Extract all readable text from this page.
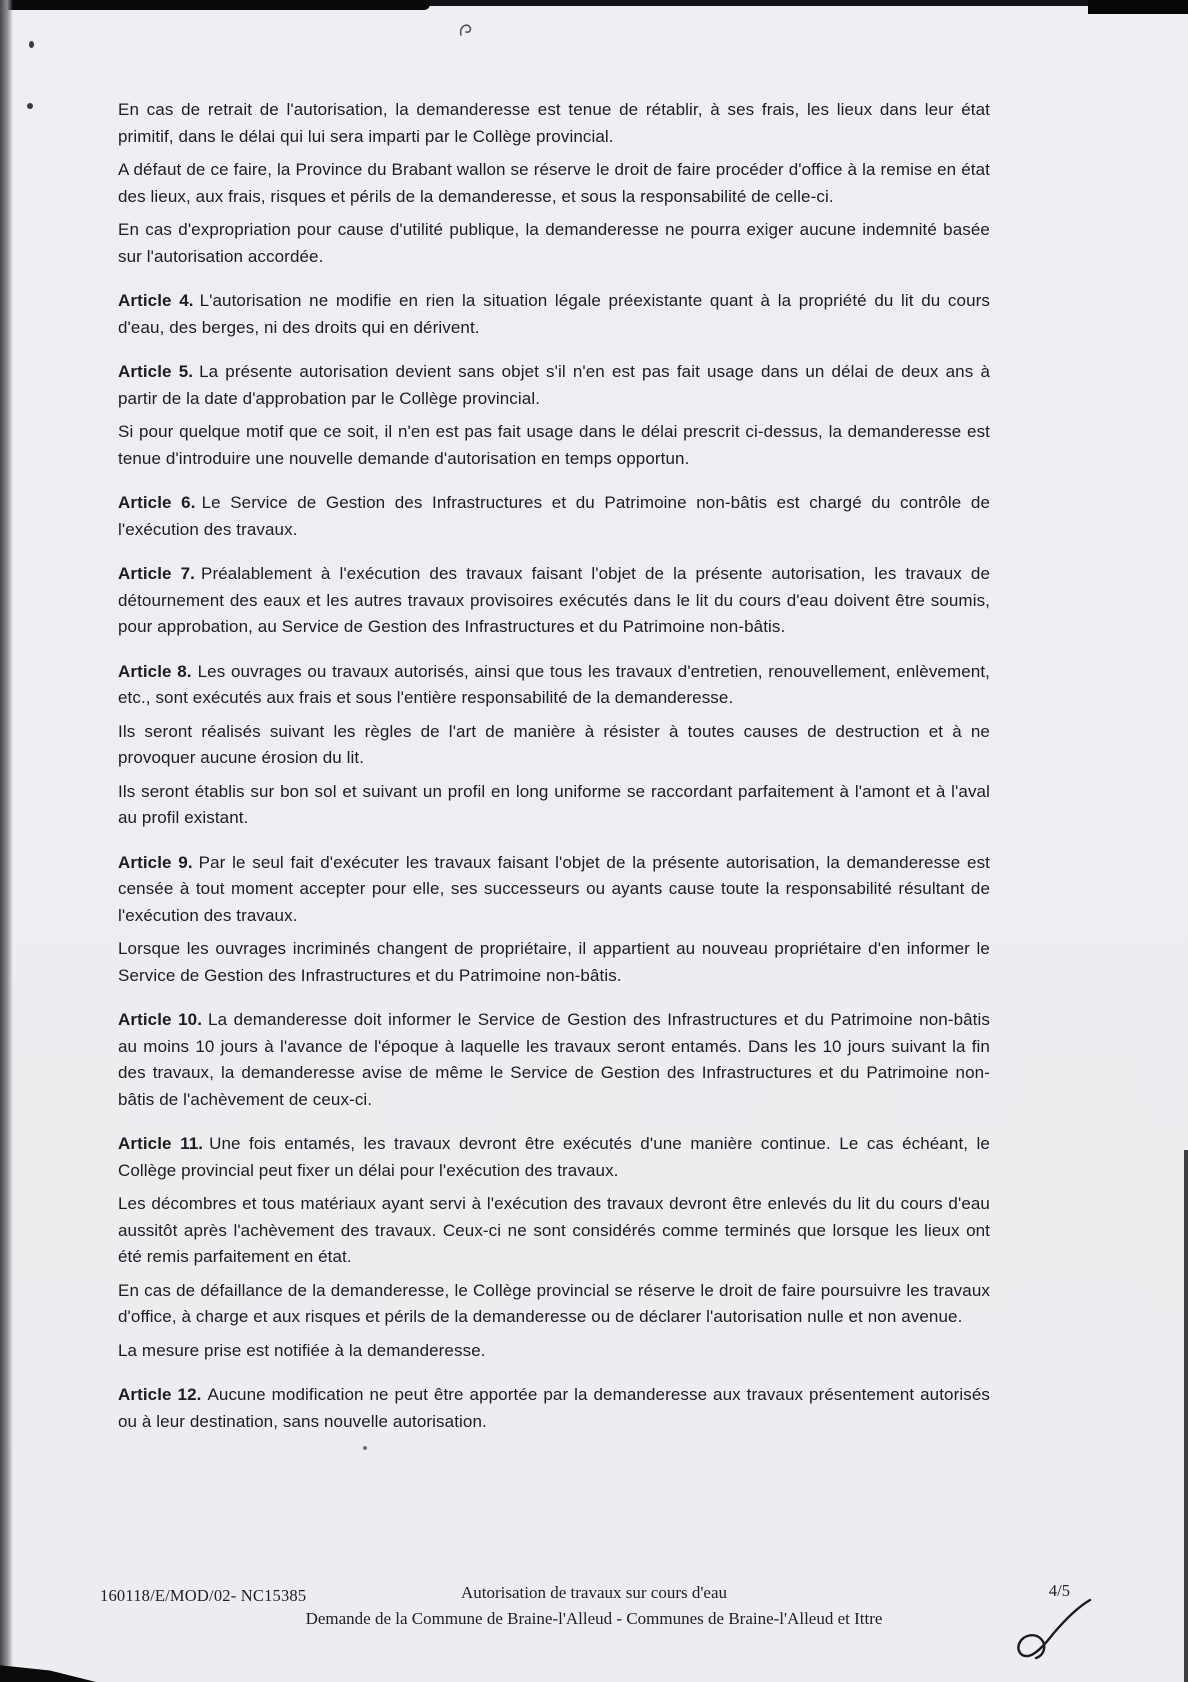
En cas de retrait de l'autorisation, la demanderesse est tenue de rétablir, à ses frais, les lieux dans leur état primitif, dans le délai qui lui sera imparti par le Collège provincial.

A défaut de ce faire, la Province du Brabant wallon se réserve le droit de faire procéder d'office à la remise en état des lieux, aux frais, risques et périls de la demanderesse, et sous la responsabilité de celle-ci.

En cas d'expropriation pour cause d'utilité publique, la demanderesse ne pourra exiger aucune indemnité basée sur l'autorisation accordée.

Article 4. L'autorisation ne modifie en rien la situation légale préexistante quant à la propriété du lit du cours d'eau, des berges, ni des droits qui en dérivent.

Article 5. La présente autorisation devient sans objet s'il n'en est pas fait usage dans un délai de deux ans à partir de la date d'approbation par le Collège provincial.

Si pour quelque motif que ce soit, il n'en est pas fait usage dans le délai prescrit ci-dessus, la demanderesse est tenue d'introduire une nouvelle demande d'autorisation en temps opportun.

Article 6. Le Service de Gestion des Infrastructures et du Patrimoine non-bâtis est chargé du contrôle de l'exécution des travaux.

Article 7. Préalablement à l'exécution des travaux faisant l'objet de la présente autorisation, les travaux de détournement des eaux et les autres travaux provisoires exécutés dans le lit du cours d'eau doivent être soumis, pour approbation, au Service de Gestion des Infrastructures et du Patrimoine non-bâtis.

Article 8. Les ouvrages ou travaux autorisés, ainsi que tous les travaux d'entretien, renouvellement, enlèvement, etc., sont exécutés aux frais et sous l'entière responsabilité de la demanderesse.

Ils seront réalisés suivant les règles de l'art de manière à résister à toutes causes de destruction et à ne provoquer aucune érosion du lit.

Ils seront établis sur bon sol et suivant un profil en long uniforme se raccordant parfaitement à l'amont et à l'aval au profil existant.

Article 9. Par le seul fait d'exécuter les travaux faisant l'objet de la présente autorisation, la demanderesse est censée à tout moment accepter pour elle, ses successeurs ou ayants cause toute la responsabilité résultant de l'exécution des travaux.

Lorsque les ouvrages incriminés changent de propriétaire, il appartient au nouveau propriétaire d'en informer le Service de Gestion des Infrastructures et du Patrimoine non-bâtis.

Article 10. La demanderesse doit informer le Service de Gestion des Infrastructures et du Patrimoine non-bâtis au moins 10 jours à l'avance de l'époque à laquelle les travaux seront entamés. Dans les 10 jours suivant la fin des travaux, la demanderesse avise de même le Service de Gestion des Infrastructures et du Patrimoine non-bâtis de l'achèvement de ceux-ci.

Article 11. Une fois entamés, les travaux devront être exécutés d'une manière continue. Le cas échéant, le Collège provincial peut fixer un délai pour l'exécution des travaux.

Les décombres et tous matériaux ayant servi à l'exécution des travaux devront être enlevés du lit du cours d'eau aussitôt après l'achèvement des travaux. Ceux-ci ne sont considérés comme terminés que lorsque les lieux ont été remis parfaitement en état.

En cas de défaillance de la demanderesse, le Collège provincial se réserve le droit de faire poursuivre les travaux d'office, à charge et aux risques et périls de la demanderesse ou de déclarer l'autorisation nulle et non avenue.

La mesure prise est notifiée à la demanderesse.

Article 12. Aucune modification ne peut être apportée par la demanderesse aux travaux présentement autorisés ou à leur destination, sans nouvelle autorisation.

Autorisation de travaux sur cours d'eau
160118/E/MOD/02- NC15385	4/5
Demande de la Commune de Braine-l'Alleud - Communes de Braine-l'Alleud et Ittre
